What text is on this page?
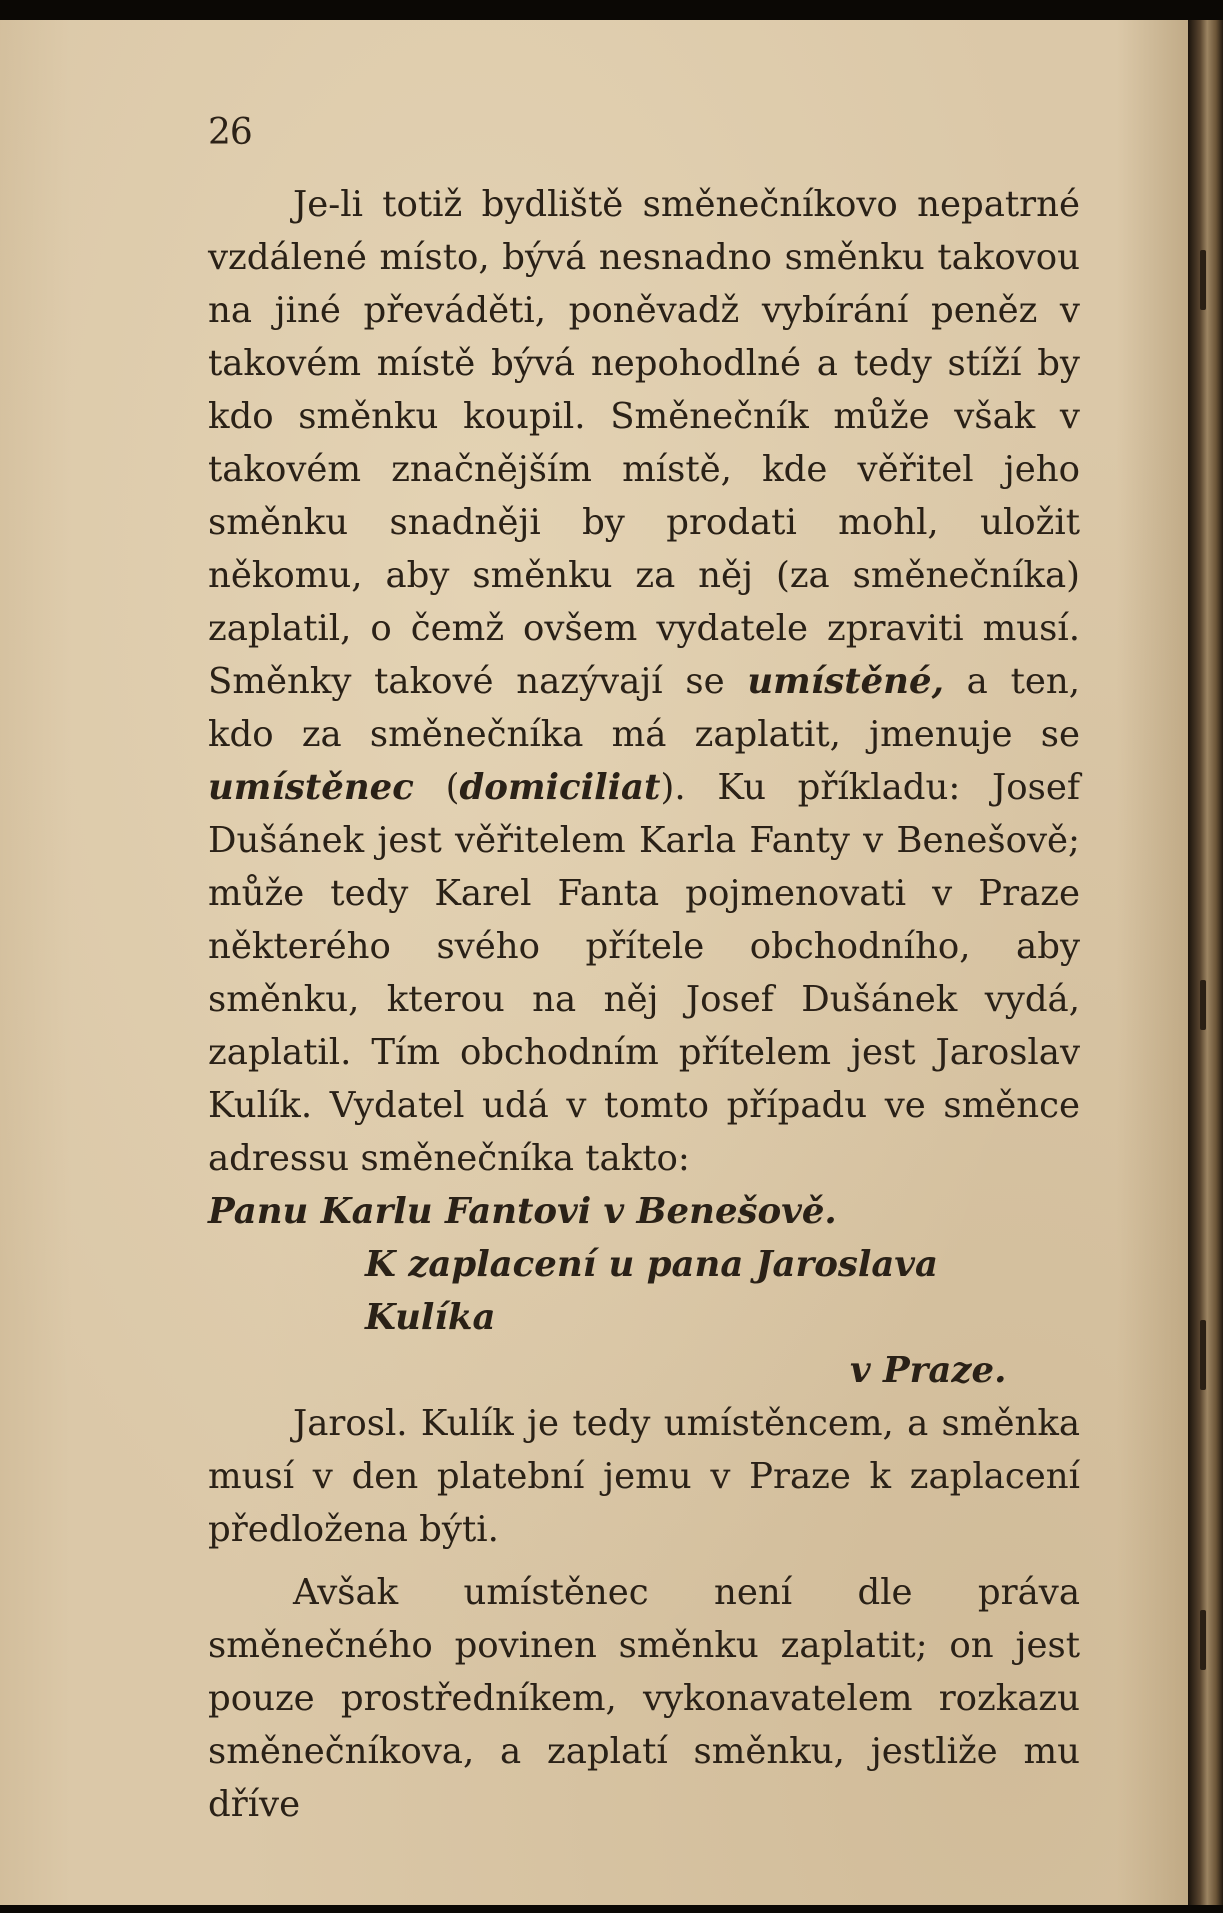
26

Je-li totiž bydliště směnečníkovo nepatrné vzdálené místo, bývá nesnadno směnku takovou na jiné převáděti, poněvadž vybírání peněz v takovém místě bývá nepohodlné a tedy stíží by kdo směnku koupil. Směnečník může však v takovém značnějším místě, kde věřitel jeho směnku snadněji by prodati mohl, uložit někomu, aby směnku za něj (za směnečníka) zaplatil, o čemž ovšem vydatele zpraviti musí. Směnky takové nazývají se umístěné, a ten, kdo za směnečníka má zaplatit, jmenuje se umístěnec (domiciliat). Ku příkladu: Josef Dušánek jest věřitelem Karla Fanty v Benešově; může tedy Karel Fanta pojmenovati v Praze některého svého přítele obchodního, aby směnku, kterou na něj Josef Dušánek vydá, zaplatil. Tím obchodním přítelem jest Jaroslav Kulík. Vydatel udá v tomto případu ve směnce adressu směnečníka takto:

Panu Karlu Fantovi v Benešově.

K zaplacení u pana Jaroslava Kulíka

v Praze.

Jarosl. Kulík je tedy umístěncem, a směnka musí v den platební jemu v Praze k zaplacení předložena býti.

Avšak umístěnec není dle práva směnečného povinen směnku zaplatit; on jest pouze prostředníkem, vykonavatelem rozkazu směnečníkova, a zaplatí směnku, jestliže mu dříve
